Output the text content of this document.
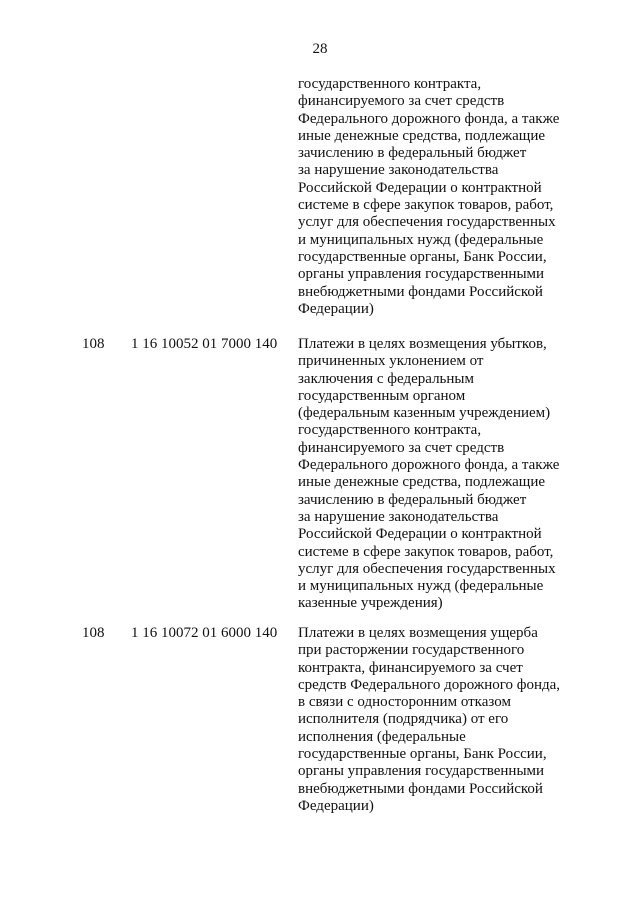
28
государственного контракта,
финансируемого за счет средств
Федерального дорожного фонда, а также
иные денежные средства, подлежащие
зачислению в федеральный бюджет
за нарушение законодательства
Российской Федерации о контрактной
системе в сфере закупок товаров, работ,
услуг для обеспечения государственных
и муниципальных нужд (федеральные
государственные органы, Банк России,
органы управления государственными
внебюджетными фондами Российской
Федерации)
108 1 16 10052 01 7000 140 Платежи в целях возмещения убытков,
причиненных уклонением от
заключения с федеральным
государственным органом
(федеральным казенным учреждением)
государственного контракта,
финансируемого за счет средств
Федерального дорожного фонда, а также
иные денежные средства, подлежащие
зачислению в федеральный бюджет
за нарушение законодательства
Российской Федерации о контрактной
системе в сфере закупок товаров, работ,
услуг для обеспечения государственных
и муниципальных нужд (федеральные
казенные учреждения)
108 1 16 10072 01 6000 140 Платежи в целях возмещения ущерба
при расторжении государственного
контракта, финансируемого за счет
средств Федерального дорожного фонда,
в связи с односторонним отказом
исполнителя (подрядчика) от его
исполнения (федеральные
государственные органы, Банк России,
органы управления государственными
внебюджетными фондами Российской
Федерации)
